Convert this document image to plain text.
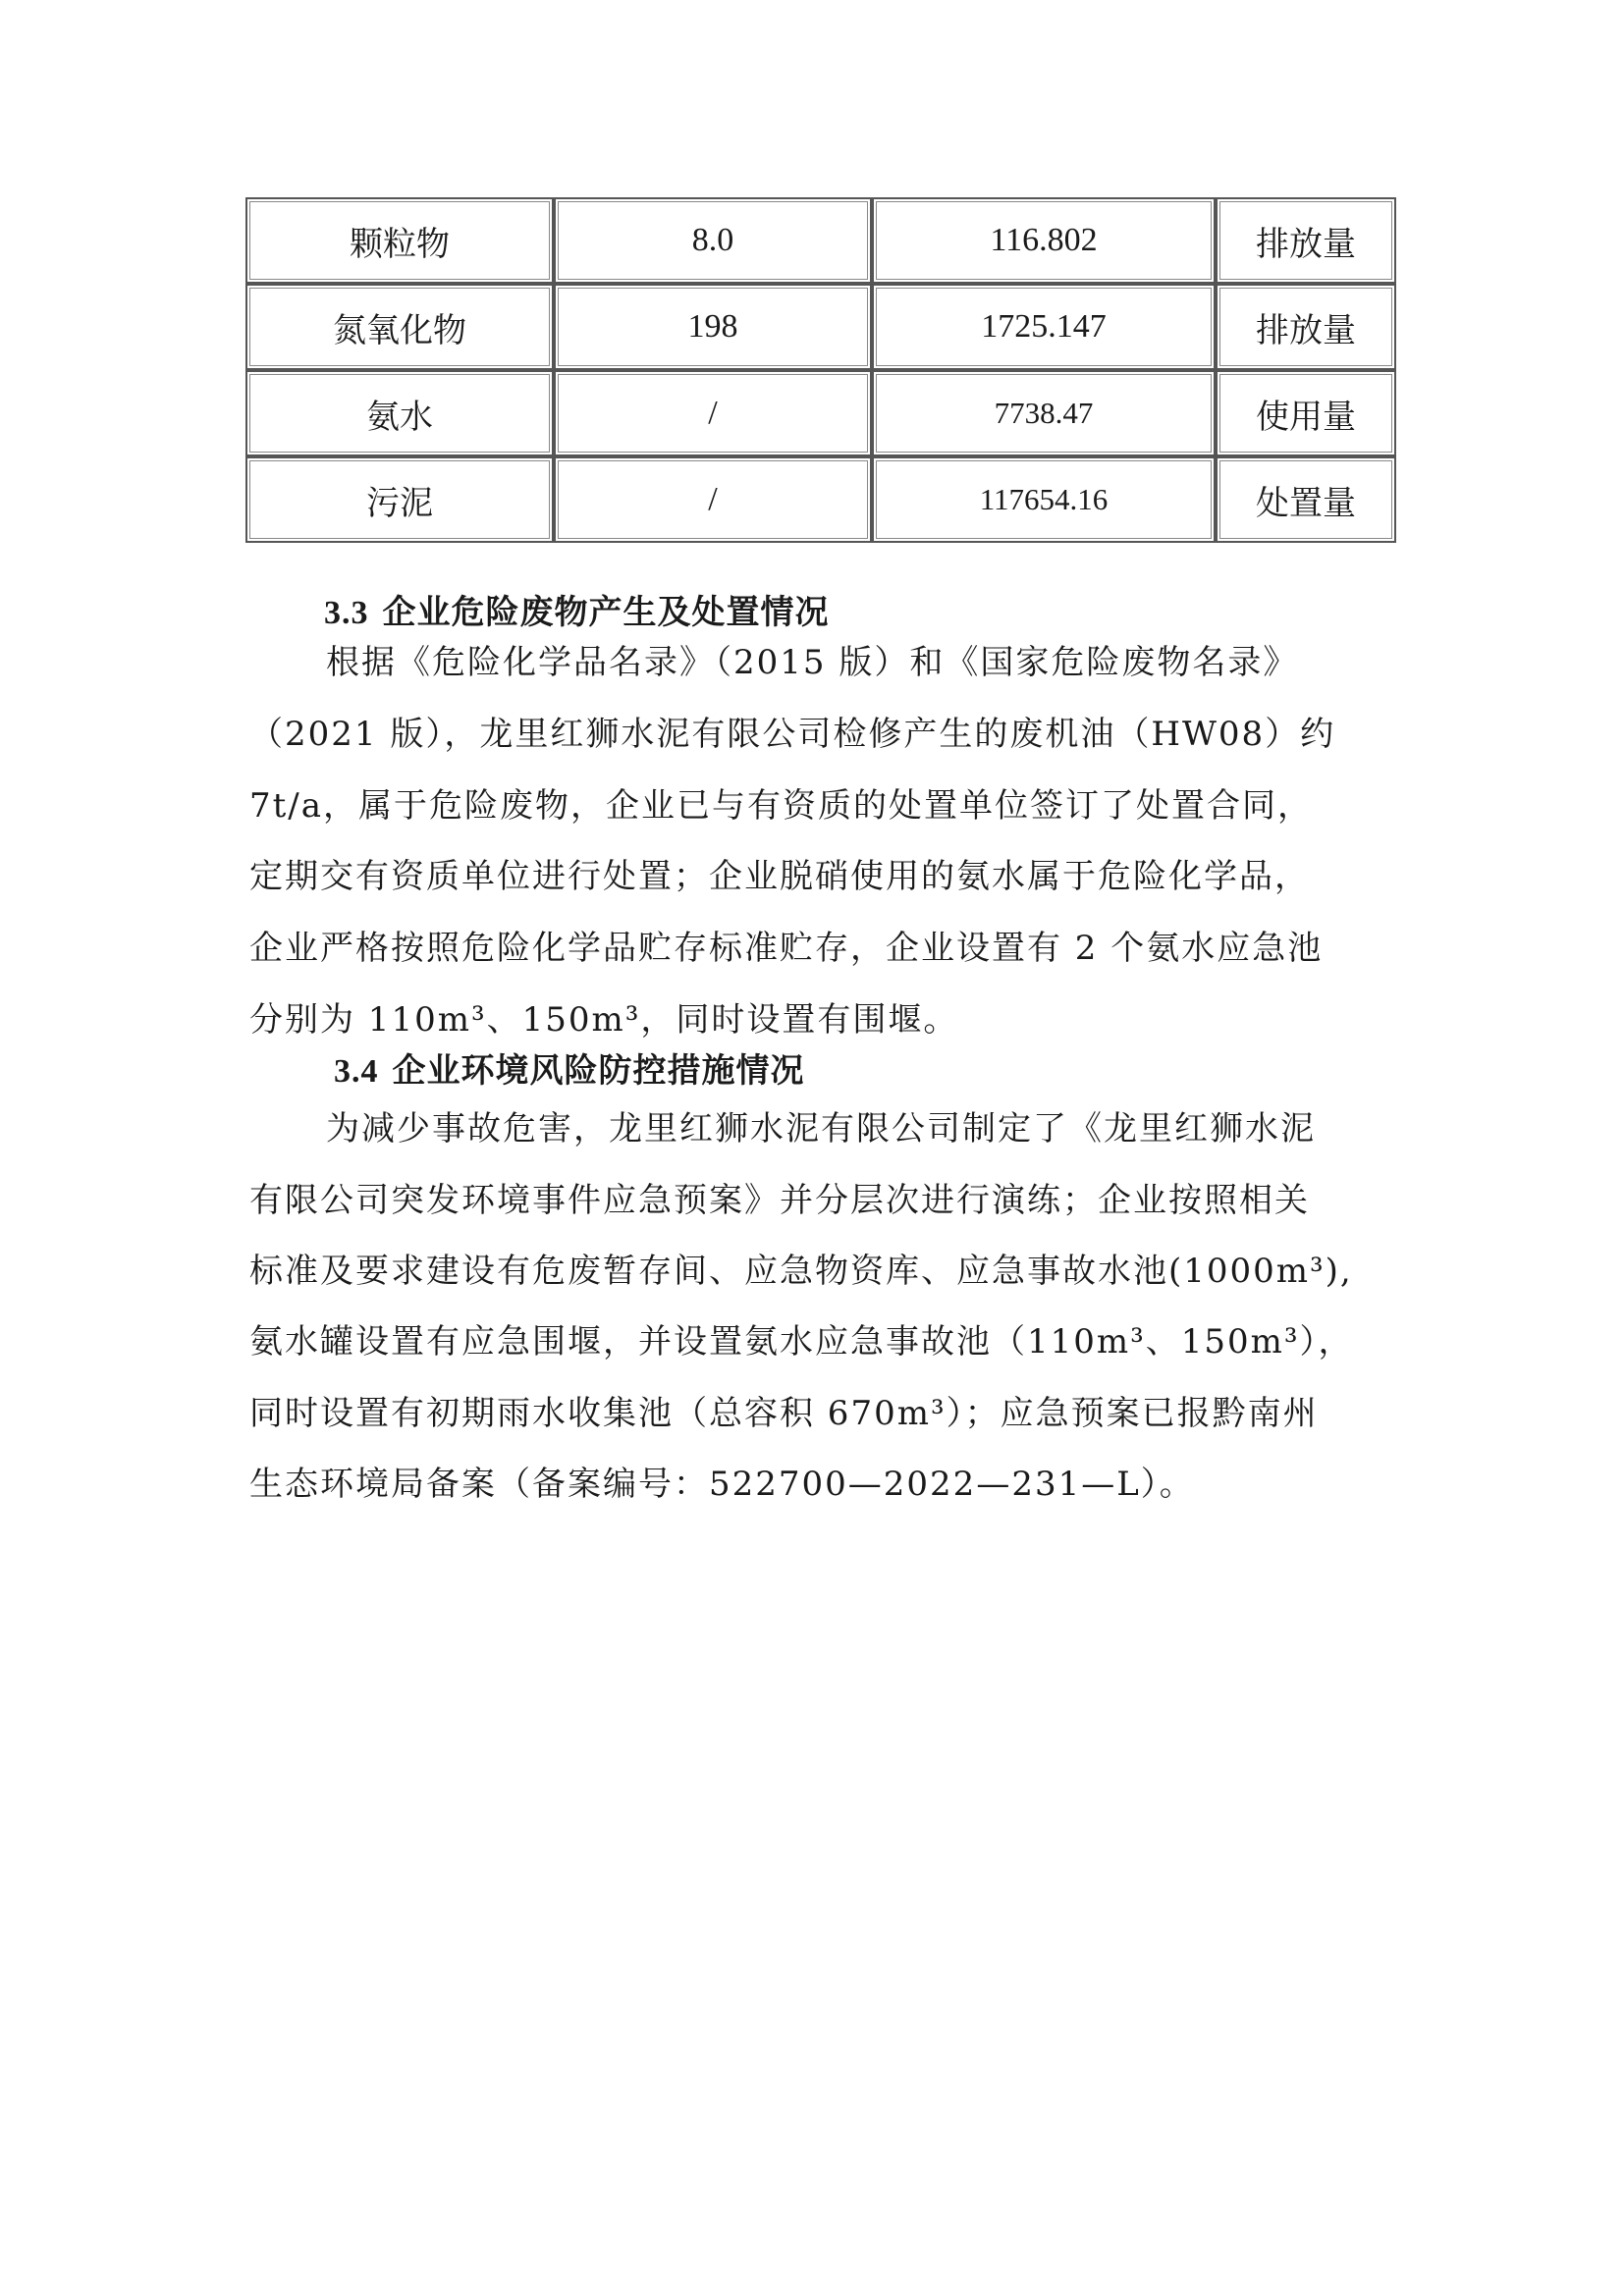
颗粒物	8.0	116.802	排放量
氮氧化物	198	1725.147	排放量
氨水	/	7738.47	使用量
污泥	/	117654.16	处置量
3.3 企业危险废物产生及处置情况

根据《危险化学品名录》（2015 版）和《国家危险废物名录》

（2021 版），龙里红狮水泥有限公司检修产生的废机油（HW08）约

7t/a，属于危险废物，企业已与有资质的处置单位签订了处置合同，

定期交有资质单位进行处置；企业脱硝使用的氨水属于危险化学品，

企业严格按照危险化学品贮存标准贮存，企业设置有 2 个氨水应急池

分别为 110m³、150m³，同时设置有围堰。

3.4 企业环境风险防控措施情况

为减少事故危害，龙里红狮水泥有限公司制定了《龙里红狮水泥

有限公司突发环境事件应急预案》并分层次进行演练；企业按照相关

标准及要求建设有危废暂存间、应急物资库、应急事故水池(1000m³),

氨水罐设置有应急围堰，并设置氨水应急事故池（110m³、150m³），

同时设置有初期雨水收集池（总容积 670m³）；应急预案已报黔南州

生态环境局备案（备案编号：522700—2022—231—L）。
